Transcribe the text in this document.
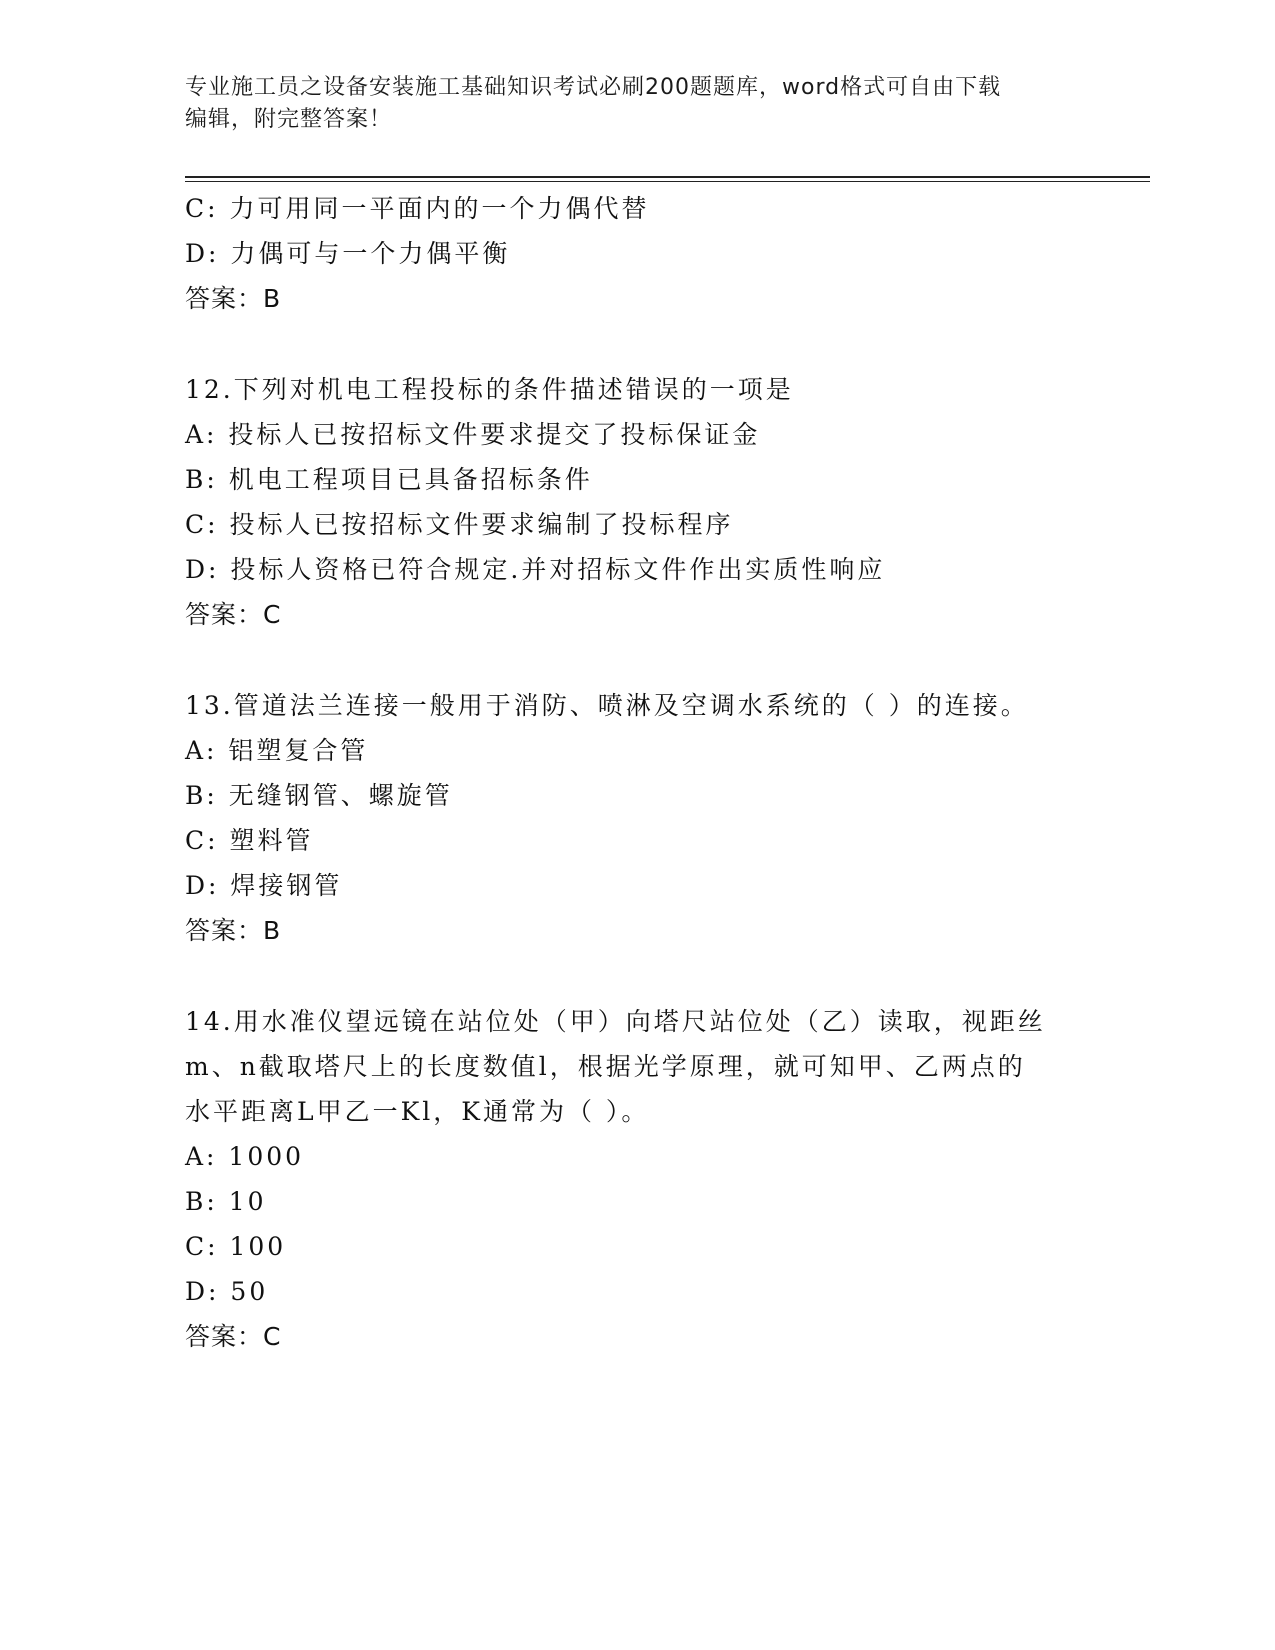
专业施工员之设备安装施工基础知识考试必刷200题题库，word格式可自由下载
编辑，附完整答案！
C: 力可用同一平面内的一个力偶代替
D: 力偶可与一个力偶平衡
答案：B
12.下列对机电工程投标的条件描述错误的一项是
A: 投标人已按招标文件要求提交了投标保证金
B: 机电工程项目已具备招标条件
C: 投标人已按招标文件要求编制了投标程序
D: 投标人资格已符合规定.并对招标文件作出实质性响应
答案：C
13.管道法兰连接一般用于消防、喷淋及空调水系统的（ ）的连接。
A: 铝塑复合管
B: 无缝钢管、螺旋管
C: 塑料管
D: 焊接钢管
答案：B
14.用水准仪望远镜在站位处（甲）向塔尺站位处（乙）读取，视距丝
m、n截取塔尺上的长度数值l，根据光学原理，就可知甲、乙两点的
水平距离L甲乙一Kl，K通常为（ ）。
A: 1000
B: 10
C: 100
D: 50
答案：C
